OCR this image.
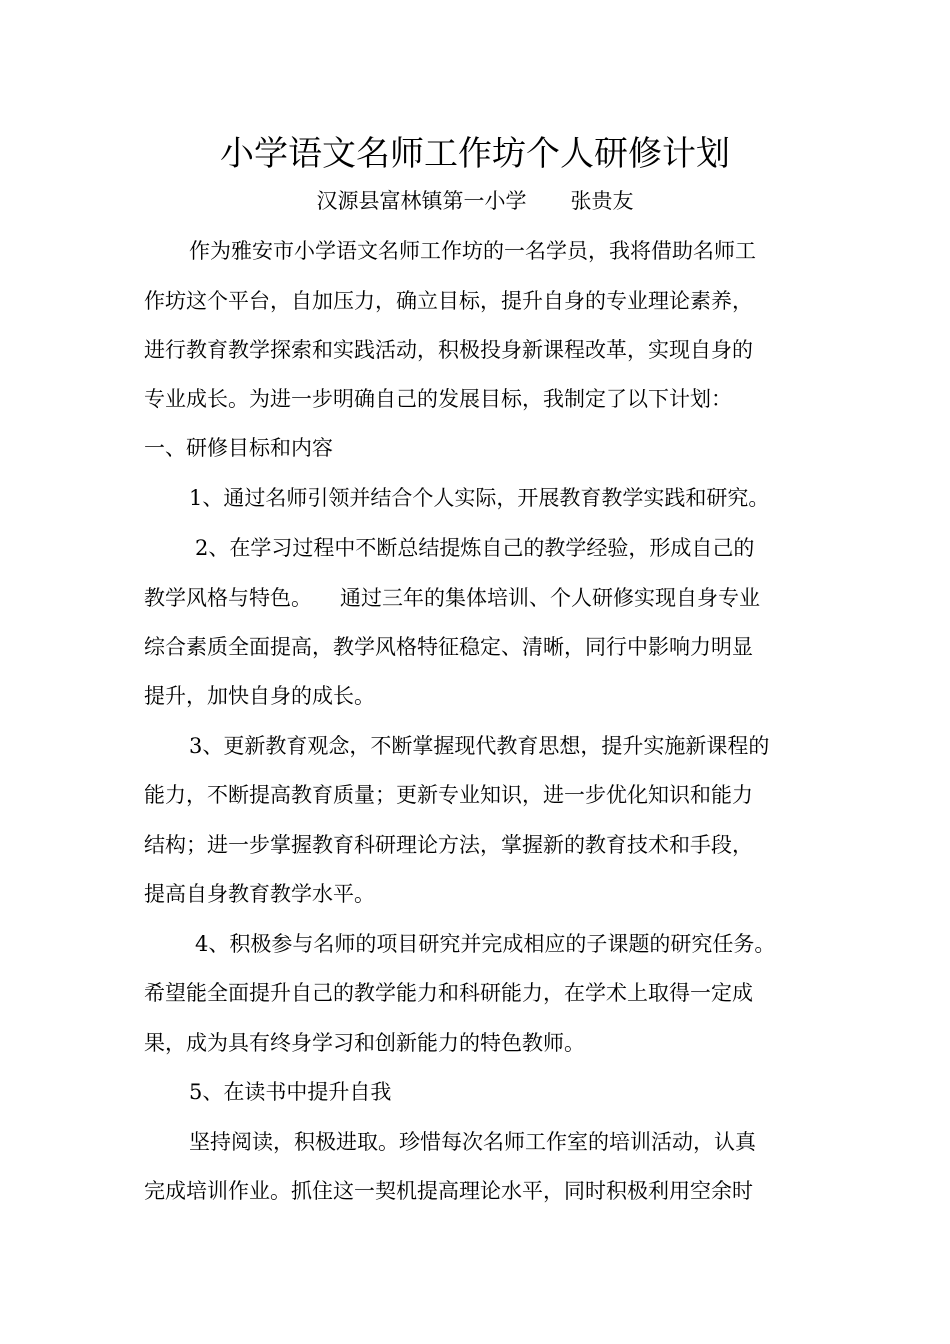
小学语文名师工作坊个人研修计划
汉源县富林镇第一小学 张贵友
作为雅安市小学语文名师工作坊的一名学员，我将借助名师工
作坊这个平台，自加压力，确立目标，提升自身的专业理论素养，
进行教育教学探索和实践活动，积极投身新课程改革，实现自身的
专业成长。为进一步明确自己的发展目标，我制定了以下计划：
一、研修目标和内容
1、通过名师引领并结合个人实际，开展教育教学实践和研究。
2、在学习过程中不断总结提炼自己的教学经验，形成自己的
教学风格与特色。 通过三年的集体培训、个人研修实现自身专业
综合素质全面提高，教学风格特征稳定、清晰，同行中影响力明显
提升，加快自身的成长。
3、更新教育观念，不断掌握现代教育思想，提升实施新课程的
能力，不断提高教育质量；更新专业知识，进一步优化知识和能力
结构；进一步掌握教育科研理论方法，掌握新的教育技术和手段，
提高自身教育教学水平。
4、积极参与名师的项目研究并完成相应的子课题的研究任务。
希望能全面提升自己的教学能力和科研能力，在学术上取得一定成
果，成为具有终身学习和创新能力的特色教师。
5、在读书中提升自我
坚持阅读，积极进取。珍惜每次名师工作室的培训活动，认真
完成培训作业。抓住这一契机提高理论水平，同时积极利用空余时
